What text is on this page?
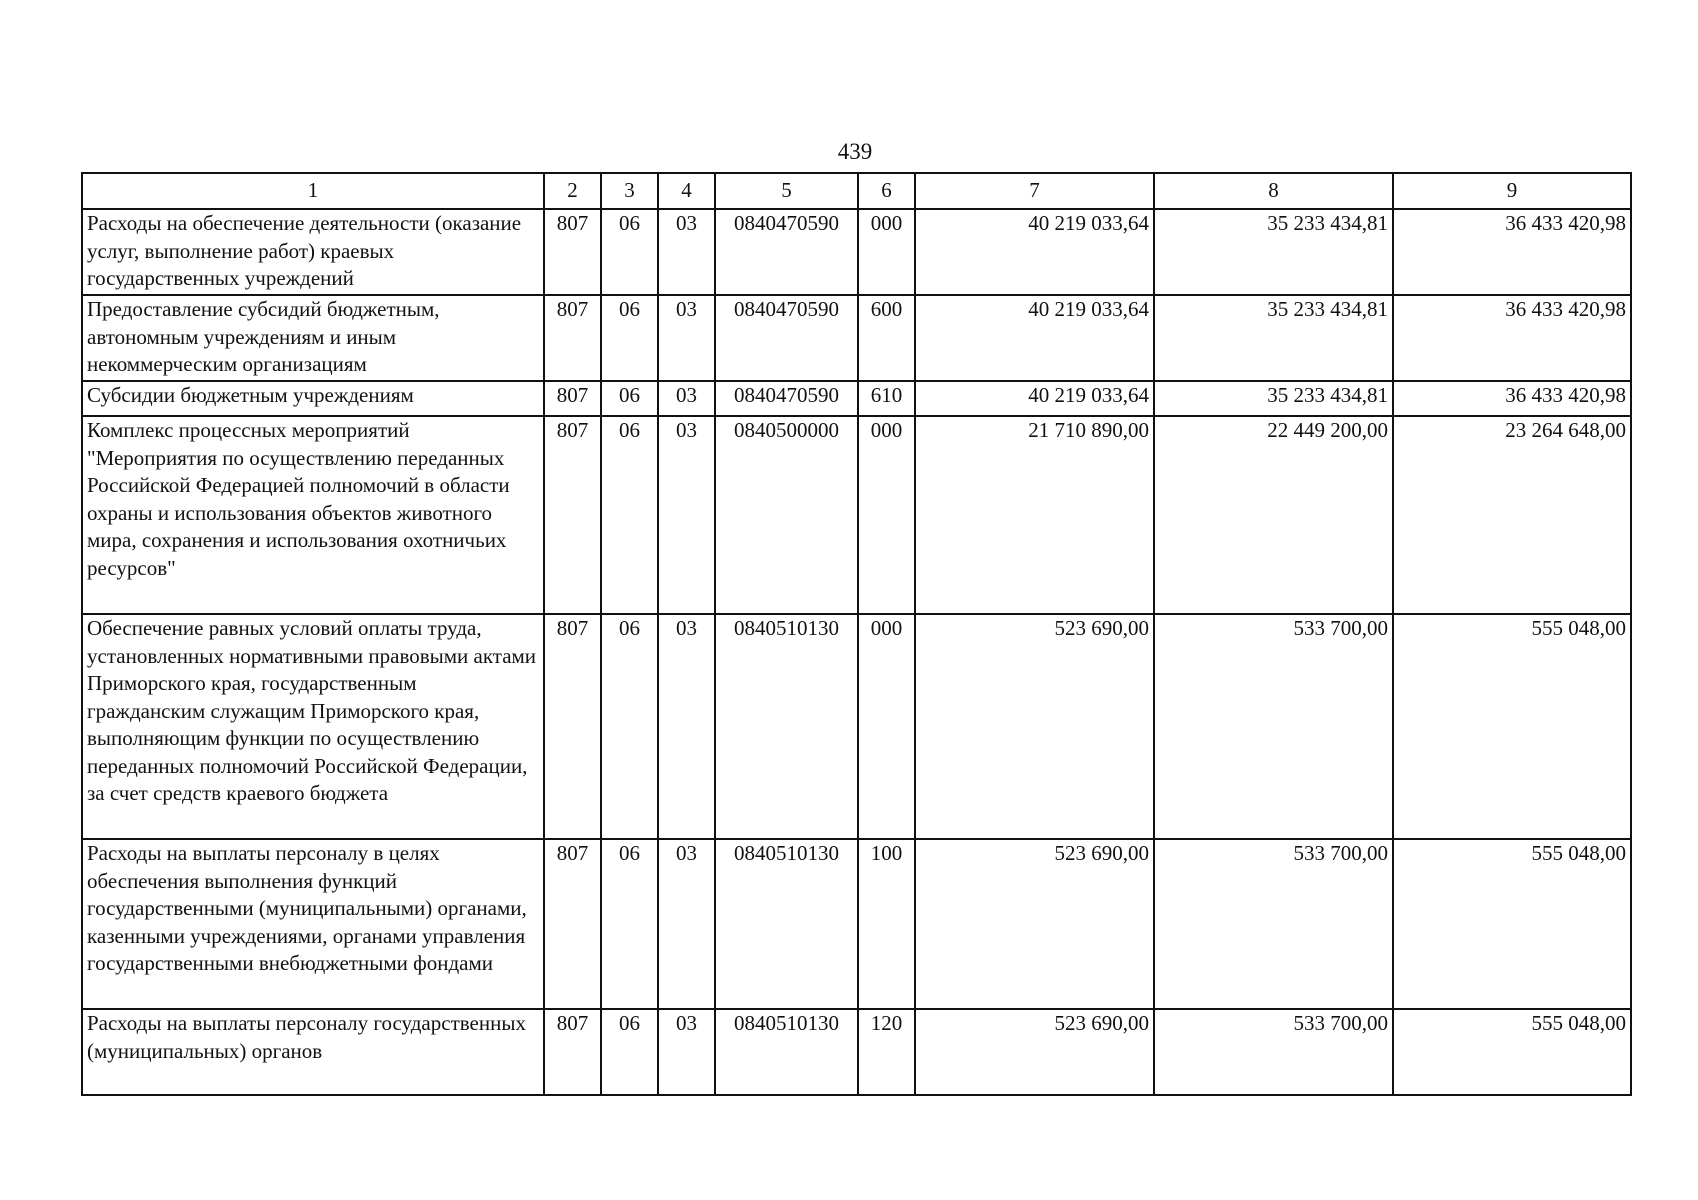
439
1	2	3	4	5	6	7	8	9
Расходы на обеспечение деятельности (оказание услуг, выполнение работ) краевых государственных учреждений	807	06	03	0840470590	000	40 219 033,64	35 233 434,81	36 433 420,98
Предоставление субсидий бюджетным, автономным учреждениям и иным некоммерческим организациям	807	06	03	0840470590	600	40 219 033,64	35 233 434,81	36 433 420,98
Субсидии бюджетным учреждениям	807	06	03	0840470590	610	40 219 033,64	35 233 434,81	36 433 420,98
Комплекс процессных мероприятий "Мероприятия по осуществлению переданных Российской Федерацией полномочий в области охраны и использования объектов животного мира, сохранения и использования охотничьих ресурсов"	807	06	03	0840500000	000	21 710 890,00	22 449 200,00	23 264 648,00
Обеспечение равных условий оплаты труда, установленных нормативными правовыми актами Приморского края, государственным гражданским служащим Приморского края, выполняющим функции по осуществлению переданных полномочий Российской Федерации, за счет средств краевого бюджета	807	06	03	0840510130	000	523 690,00	533 700,00	555 048,00
Расходы на выплаты персоналу в целях обеспечения выполнения функций государственными (муниципальными) органами, казенными учреждениями, органами управления государственными внебюджетными фондами	807	06	03	0840510130	100	523 690,00	533 700,00	555 048,00
Расходы на выплаты персоналу государственных (муниципальных) органов	807	06	03	0840510130	120	523 690,00	533 700,00	555 048,00
